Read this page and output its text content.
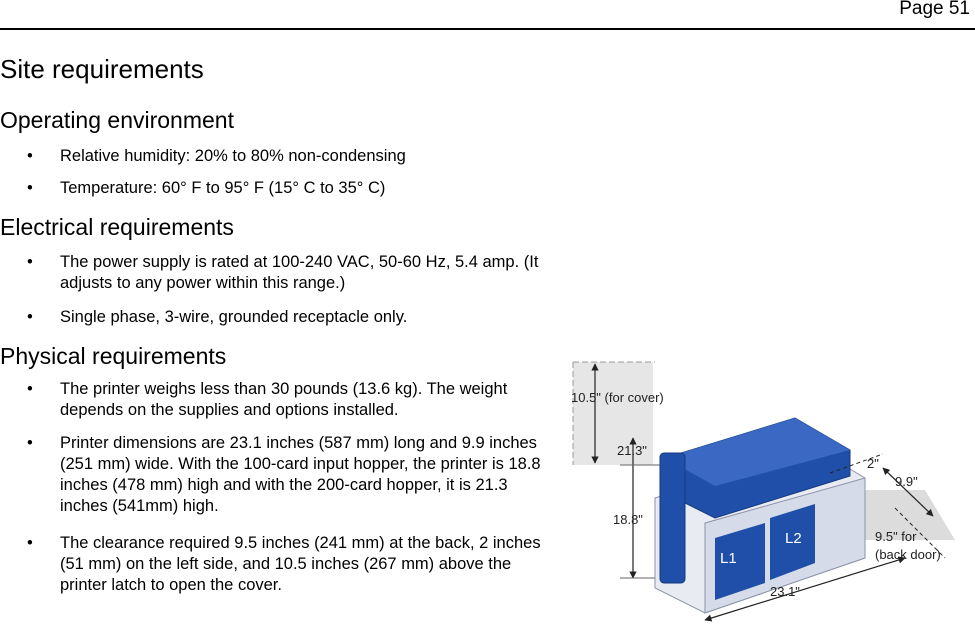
Page 51
Site requirements
Operating environment
•	Relative humidity: 20% to 80% non-condensing
•	Temperature: 60° F to 95° F (15° C to 35° C)
Electrical requirements
•	The power supply is rated at 100-240 VAC, 50-60 Hz, 5.4 amp. (It adjusts to any power within this range.)
•	Single phase, 3-wire, grounded receptacle only.
Physical requirements
•	The printer weighs less than 30 pounds (13.6 kg). The weight depends on the supplies and options installed.
•	Printer dimensions are 23.1 inches (587 mm) long and 9.9 inches (251 mm) wide. With the 100-card input hopper, the printer is 18.8 inches (478 mm) high and with the 200-card hopper, it is 21.3 inches (541mm) high.
•	The clearance required 9.5 inches (241 mm) at the back, 2 inches (51 mm) on the left side, and 10.5 inches (267 mm) above the printer latch to open the cover.
L1
L2
10.5" (for cover)
21.3"
18.8"
2"
9.9"
9.5" for
(back door)
23.1"
